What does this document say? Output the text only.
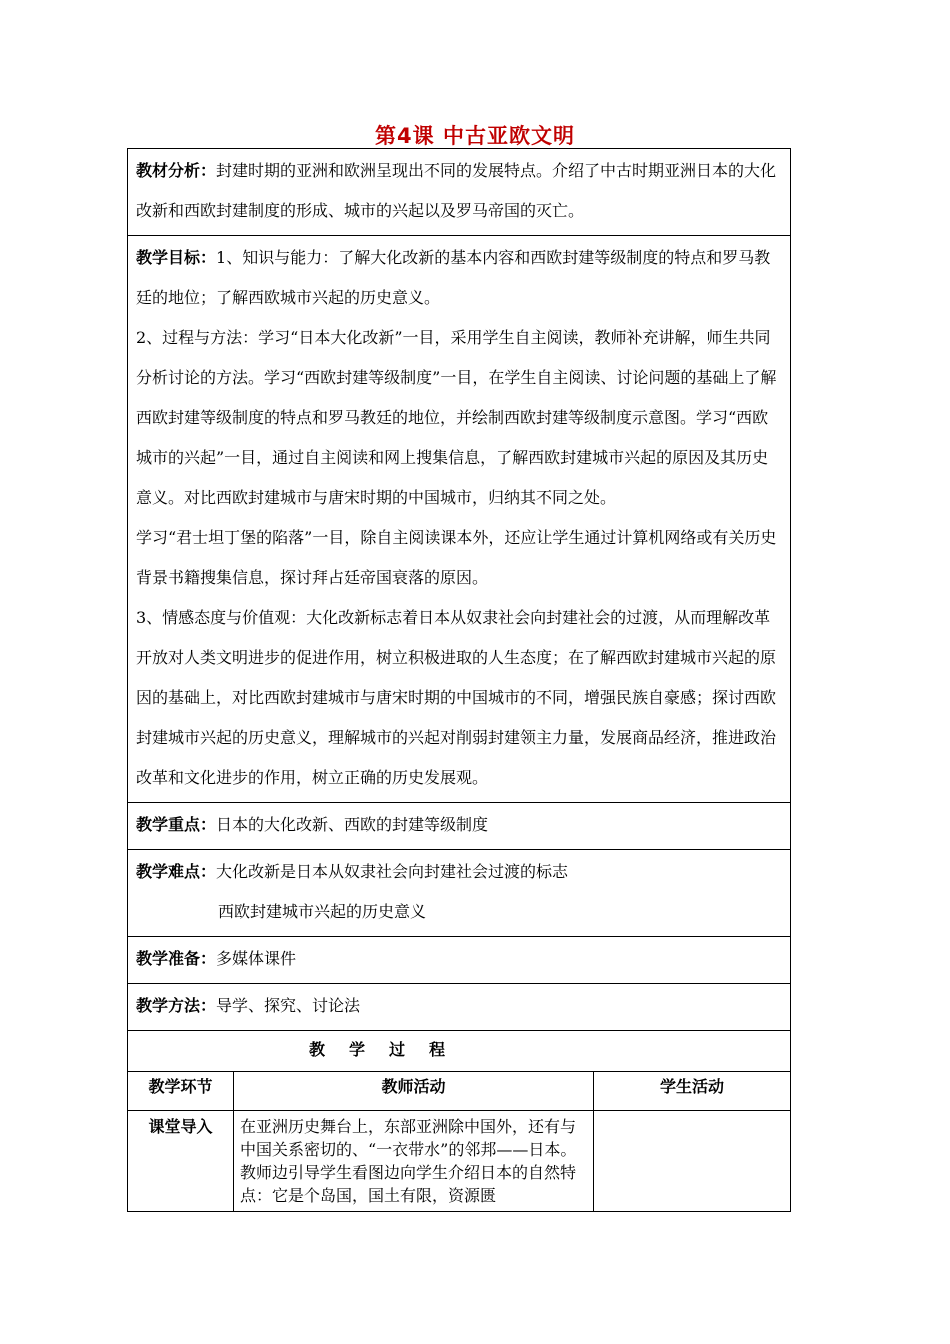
第4课 中古亚欧文明

教材分析：封建时期的亚洲和欧洲呈现出不同的发展特点。介绍了中古时期亚洲日本的大化改新和西欧封建制度的形成、城市的兴起以及罗马帝国的灭亡。		

教学目标：1、知识与能力：了解大化改新的基本内容和西欧封建等级制度的特点和罗马教廷的地位；了解西欧城市兴起的历史意义。

2、过程与方法：学习“日本大化改新”一目，采用学生自主阅读，教师补充讲解，师生共同分析讨论的方法。学习“西欧封建等级制度”一目，在学生自主阅读、讨论问题的基础上了解西欧封建等级制度的特点和罗马教廷的地位，并绘制西欧封建等级制度示意图。学习“西欧城市的兴起”一目，通过自主阅读和网上搜集信息，了解西欧封建城市兴起的原因及其历史意义。对比西欧封建城市与唐宋时期的中国城市，归纳其不同之处。

学习“君士坦丁堡的陷落”一目，除自主阅读课本外，还应让学生通过计算机网络或有关历史背景书籍搜集信息，探讨拜占廷帝国衰落的原因。

3、情感态度与价值观：大化改新标志着日本从奴隶社会向封建社会的过渡，从而理解改革开放对人类文明进步的促进作用，树立积极进取的人生态度；在了解西欧封建城市兴起的原因的基础上，对比西欧封建城市与唐宋时期的中国城市的不同，增强民族自豪感；探讨西欧封建城市兴起的历史意义，理解城市的兴起对削弱封建领主力量，发展商品经济，推进政治改革和文化进步的作用，树立正确的历史发展观。		

教学重点：日本的大化改新、西欧的封建等级制度		

教学难点：大化改新是日本从奴隶社会向封建社会过渡的标志

西欧封建城市兴起的历史意义		

教学准备：多媒体课件		

教学方法：导学、探究、讨论法		

教学过程		
教学环节	教师活动	学生活动
课堂导入	在亚洲历史舞台上，东部亚洲除中国外，还有与中国关系密切的、“一衣带水”的邻邦——日本。教师边引导学生看图边向学生介绍日本的自然特点：它是个岛国，国土有限，资源匮	
